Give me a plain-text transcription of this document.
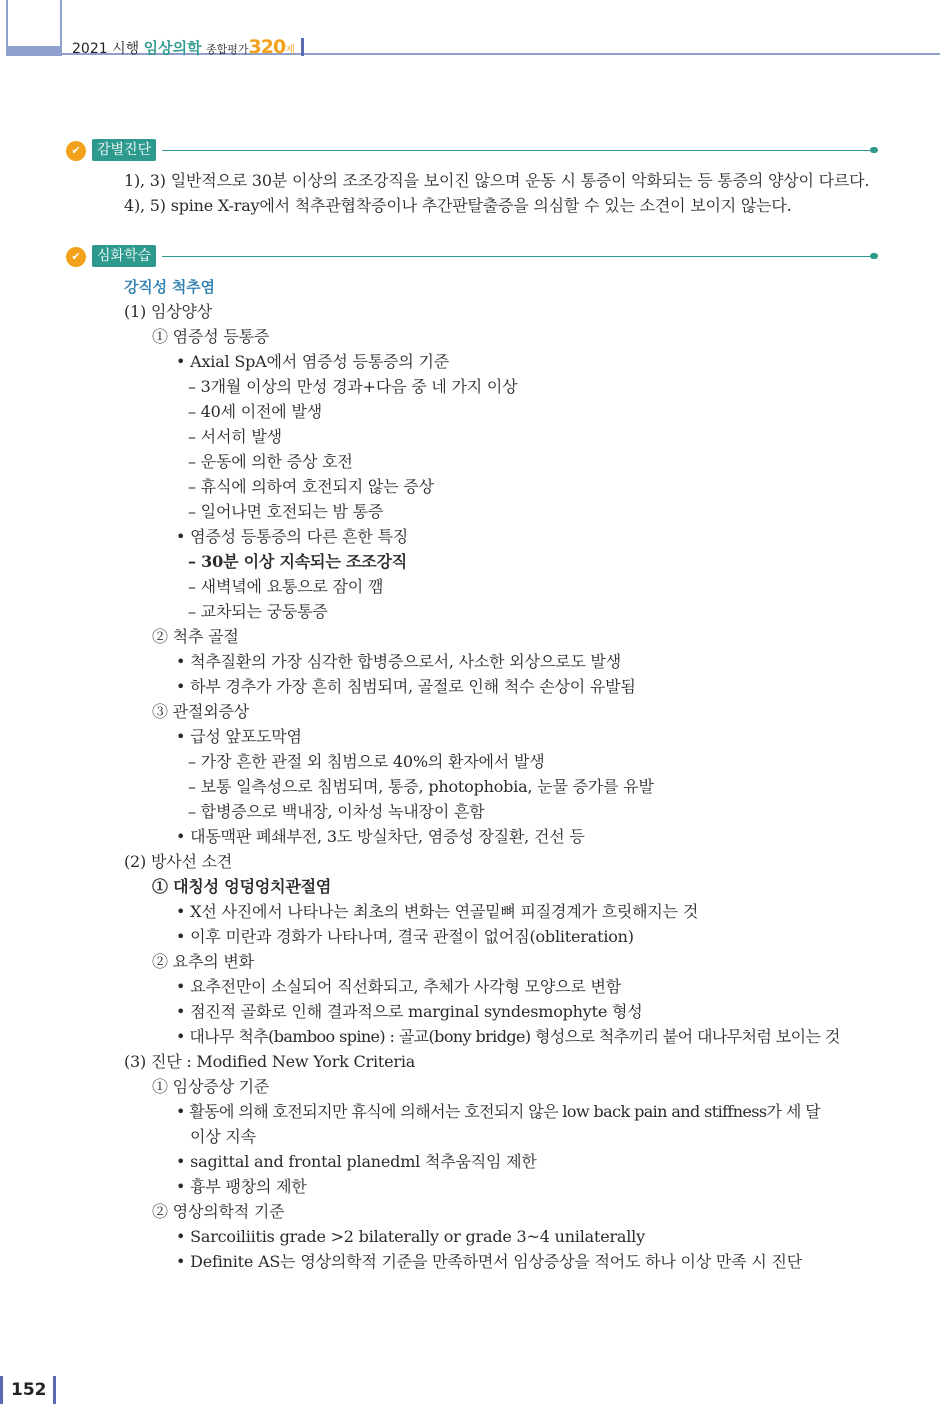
2021 시행 임상의학 종합평가320제
✔	감별진단
1), 3) 일반적으로 30분 이상의 조조강직을 보이진 않으며 운동 시 통증이 악화되는 등 통증의 양상이 다르다.
4), 5) spine X-ray에서 척추관협착증이나 추간판탈출증을 의심할 수 있는 소견이 보이지 않는다.
✔	심화학습
강직성 척추염
(1) 임상양상
① 염증성 등통증
• Axial SpA에서 염증성 등통증의 기준
– 3개월 이상의 만성 경과+다음 중 네 가지 이상
– 40세 이전에 발생
– 서서히 발생
– 운동에 의한 증상 호전
– 휴식에 의하여 호전되지 않는 증상
– 일어나면 호전되는 밤 통증
• 염증성 등통증의 다른 흔한 특징
– 30분 이상 지속되는 조조강직
– 새벽녘에 요통으로 잠이 깸
– 교차되는 궁둥통증
② 척추 골절
• 척추질환의 가장 심각한 합병증으로서, 사소한 외상으로도 발생
• 하부 경추가 가장 흔히 침범되며, 골절로 인해 척수 손상이 유발됨
③ 관절외증상
• 급성 앞포도막염
– 가장 흔한 관절 외 침범으로 40%의 환자에서 발생
– 보통 일측성으로 침범되며, 통증, photophobia, 눈물 증가를 유발
– 합병증으로 백내장, 이차성 녹내장이 흔함
• 대동맥판 폐쇄부전, 3도 방실차단, 염증성 장질환, 건선 등
(2) 방사선 소견
① 대칭성 엉덩엉치관절염
• X선 사진에서 나타나는 최초의 변화는 연골밑뼈 피질경계가 흐릿해지는 것
• 이후 미란과 경화가 나타나며, 결국 관절이 없어짐(obliteration)
② 요추의 변화
• 요추전만이 소실되어 직선화되고, 추체가 사각형 모양으로 변함
• 점진적 골화로 인해 결과적으로 marginal syndesmophyte 형성
• 대나무 척추(bamboo spine) : 골교(bony bridge) 형성으로 척추끼리 붙어 대나무처럼 보이는 것
(3) 진단 : Modified New York Criteria
① 임상증상 기준
• 활동에 의해 호전되지만 휴식에 의해서는 호전되지 않은 low back pain and stiffness가 세 달
이상 지속
• sagittal and frontal planedml 척추움직임 제한
• 흉부 팽창의 제한
② 영상의학적 기준
• Sarcoiliitis grade >2 bilaterally or grade 3~4 unilaterally
• Definite AS는 영상의학적 기준을 만족하면서 임상증상을 적어도 하나 이상 만족 시 진단
152
